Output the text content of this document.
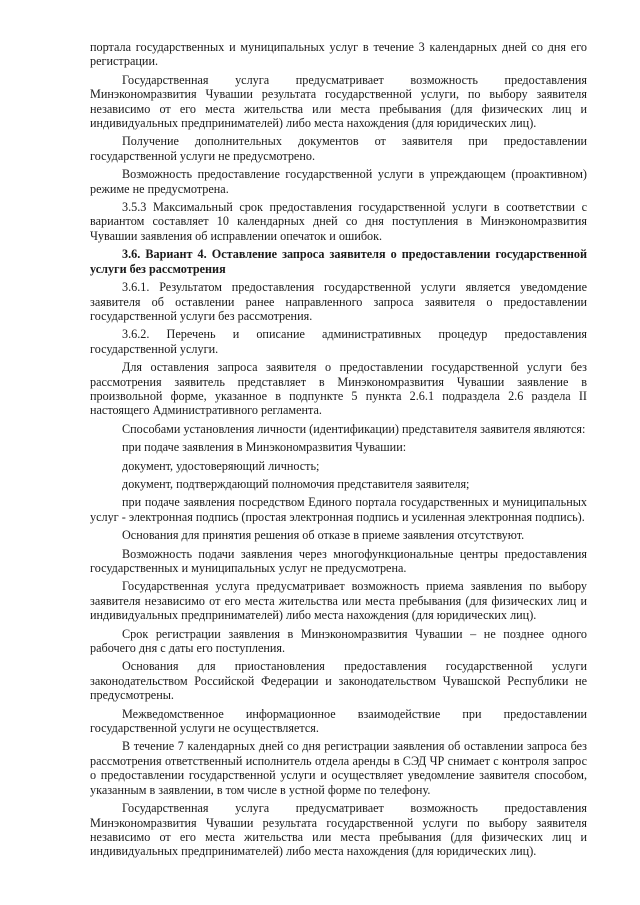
портала государственных и муниципальных услуг в течение 3 календарных дней со дня его регистрации.

Государственная услуга предусматривает возможность предоставления Минэкономразвития Чувашии результата государственной услуги, по выбору заявителя независимо от его места жительства или места пребывания (для физических лиц и индивидуальных предпринимателей) либо места нахождения (для юридических лиц).

Получение дополнительных документов от заявителя при предоставлении государственной услуги не предусмотрено.

Возможность предоставление государственной услуги в упреждающем (проактивном) режиме не предусмотрена.

3.5.3 Максимальный срок предоставления государственной услуги в соответствии с вариантом составляет 10 календарных дней со дня поступления в Минэкономразвития Чувашии заявления об исправлении опечаток и ошибок.

3.6. Вариант 4. Оставление запроса заявителя о предоставлении государственной услуги без рассмотрения

3.6.1. Результатом предоставления государственной услуги является уведомдение заявителя об оставлении ранее направленного запроса заявителя о предоставлении государственной услуги без рассмотрения.

3.6.2. Перечень и описание административных процедур предоставления государственной услуги.

Для оставления запроса заявителя о предоставлении государственной услуги без рассмотрения заявитель представляет в Минэкономразвития Чувашии заявление в произвольной форме, указанное в подпункте 5 пункта 2.6.1 подраздела 2.6 раздела II настоящего Административного регламента.

Способами установления личности (идентификации) представителя заявителя являются:

при подаче заявления в Минэкономразвития Чувашии:

документ, удостоверяющий личность;

документ, подтверждающий полномочия представителя заявителя;

при подаче заявления посредством Единого портала государственных и муниципальных услуг - электронная подпись (простая электронная подпись и усиленная электронная подпись).

Основания для принятия решения об отказе в приеме заявления отсутствуют.

Возможность подачи заявления через многофункциональные центры предоставления государственных и муниципальных услуг не предусмотрена.

Государственная услуга предусматривает возможность приема заявления по выбору заявителя независимо от его места жительства или места пребывания (для физических лиц и индивидуальных предпринимателей) либо места нахождения (для юридических лиц).

Срок регистрации заявления в Минэкономразвития Чувашии – не позднее одного рабочего дня с даты его поступления.

Основания для приостановления предоставления государственной услуги законодательством Российской Федерации и законодательством Чувашской Республики не предусмотрены.

Межведомственное информационное взаимодействие при предоставлении государственной услуги не осуществляется.

В течение 7 календарных дней со дня регистрации заявления об оставлении запроса без рассмотрения ответственный исполнитель отдела аренды в СЭД ЧР снимает с контроля запрос о предоставлении государственной услуги и осуществляет уведомление заявителя способом, указанным в заявлении, в том числе в устной форме по телефону.

Государственная услуга предусматривает возможность предоставления Минэкономразвития Чувашии результата государственной услуги по выбору заявителя независимо от его места жительства или места пребывания (для физических лиц и индивидуальных предпринимателей) либо места нахождения (для юридических лиц).
